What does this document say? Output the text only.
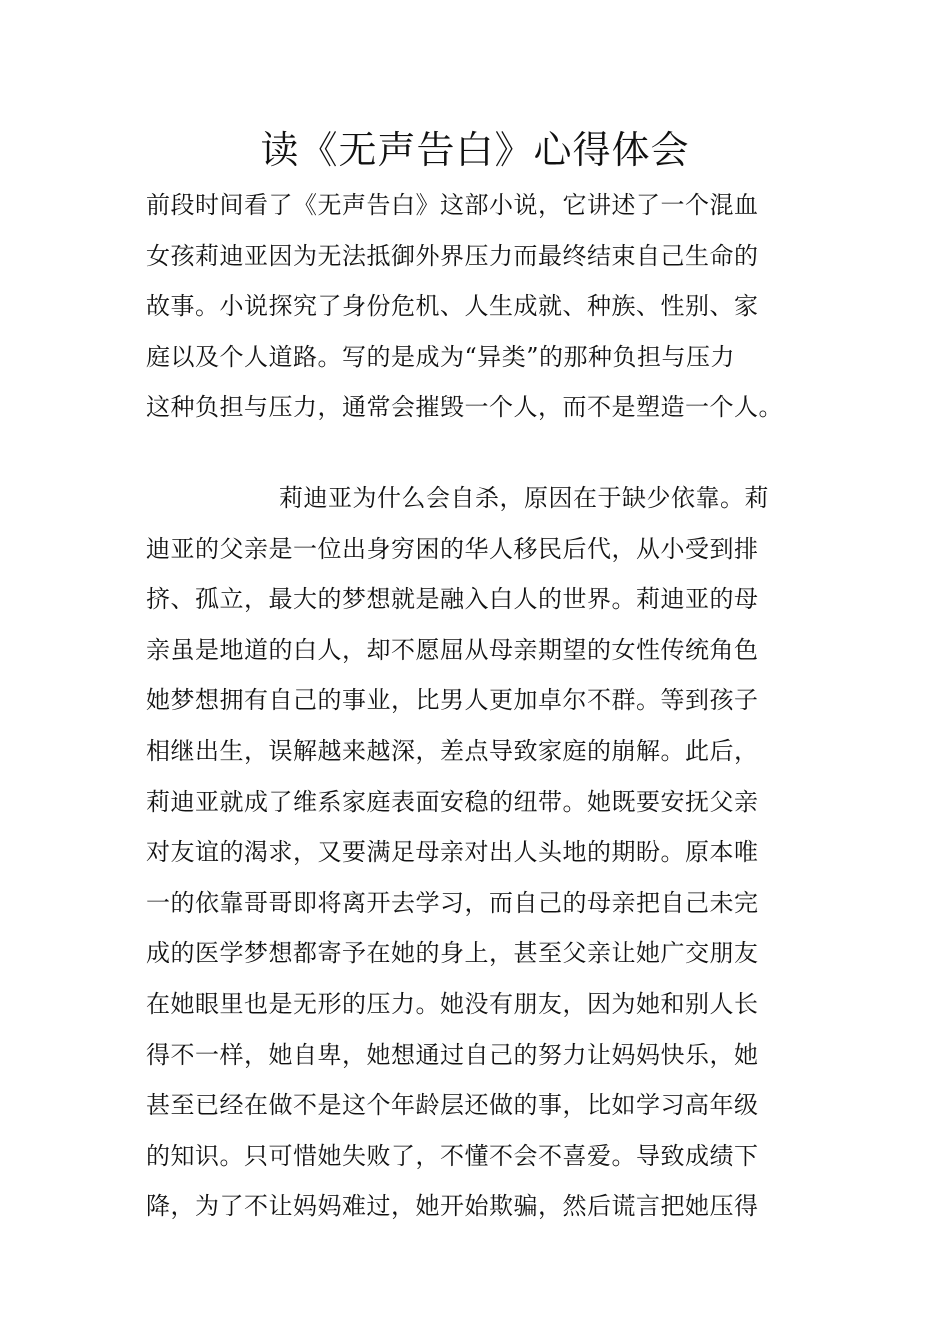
读《无声告白》心得体会
前段时间看了《无声告白》这部小说，它讲述了一个混血
女孩莉迪亚因为无法抵御外界压力而最终结束自己生命的
故事。小说探究了身份危机、人生成就、种族、性别、家
庭以及个人道路。写的是成为“异类”的那种负担与压力
这种负担与压力，通常会摧毁一个人，而不是塑造一个人。
莉迪亚为什么会自杀，原因在于缺少依靠。莉
迪亚的父亲是一位出身穷困的华人移民后代，从小受到排
挤、孤立，最大的梦想就是融入白人的世界。莉迪亚的母
亲虽是地道的白人，却不愿屈从母亲期望的女性传统角色
她梦想拥有自己的事业，比男人更加卓尔不群。等到孩子
相继出生，误解越来越深，差点导致家庭的崩解。此后，
莉迪亚就成了维系家庭表面安稳的纽带。她既要安抚父亲
对友谊的渴求，又要满足母亲对出人头地的期盼。原本唯
一的依靠哥哥即将离开去学习，而自己的母亲把自己未完
成的医学梦想都寄予在她的身上，甚至父亲让她广交朋友
在她眼里也是无形的压力。她没有朋友，因为她和别人长
得不一样，她自卑，她想通过自己的努力让妈妈快乐，她
甚至已经在做不是这个年龄层还做的事，比如学习高年级
的知识。只可惜她失败了，不懂不会不喜爱。导致成绩下
降，为了不让妈妈难过，她开始欺骗，然后谎言把她压得
